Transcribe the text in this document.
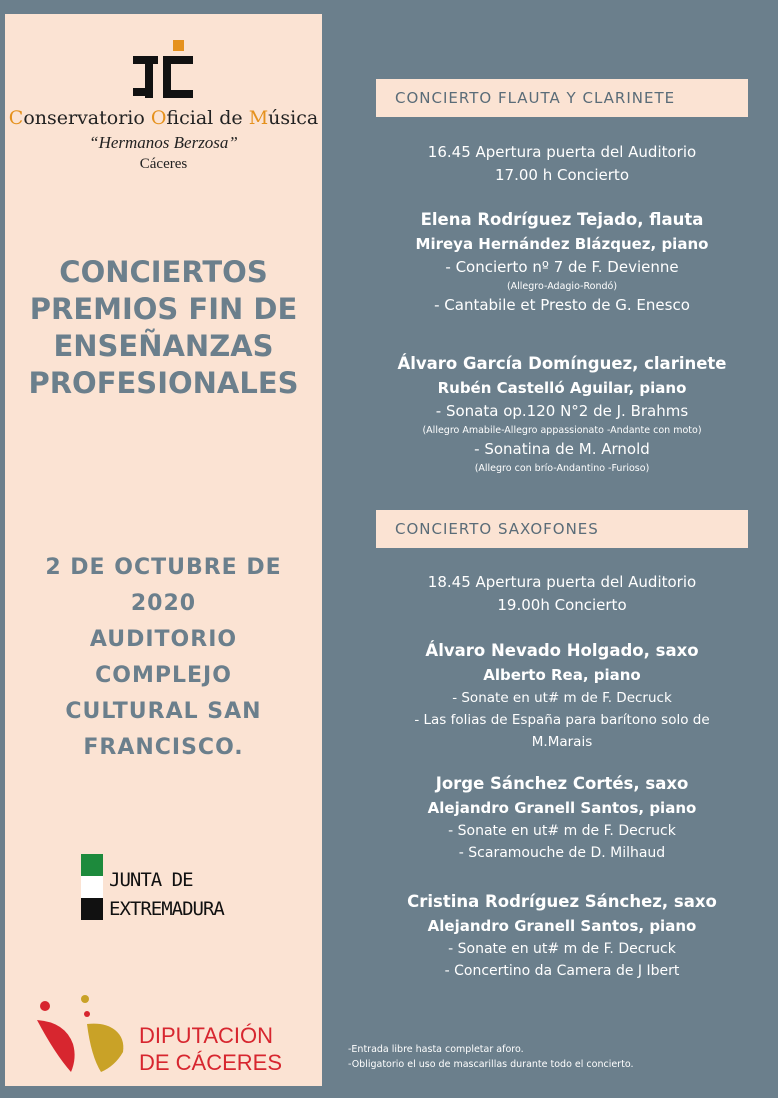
Conservatorio Oficial de Música
“Hermanos Berzosa”
Cáceres
CONCIERTOS
PREMIOS FIN DE
ENSEÑANZAS
PROFESIONALES
2 DE OCTUBRE DE
2020
AUDITORIO
COMPLEJO
CULTURAL SAN
FRANCISCO.
JUNTA DE
EXTREMADURA
DIPUTACIÓN
DE CÁCERES
CONCIERTO FLAUTA Y CLARINETE
16.45 Apertura puerta del Auditorio
17.00 h Concierto
Elena Rodríguez Tejado, flauta
Mireya Hernández Blázquez, piano
- Concierto nº 7 de F. Devienne
(Allegro-Adagio-Rondó)
- Cantabile et Presto de G. Enesco
Álvaro García Domínguez, clarinete
Rubén Castelló Aguilar, piano
- Sonata op.120 N°2 de J. Brahms
(Allegro Amabile-Allegro appassionato -Andante con moto)
- Sonatina de M. Arnold
(Allegro con brío-Andantino -Furioso)
CONCIERTO SAXOFONES
18.45 Apertura puerta del Auditorio
19.00h Concierto
Álvaro Nevado Holgado, saxo
Alberto Rea, piano
- Sonate en ut# m de F. Decruck
- Las folias de España para barítono solo de
M.Marais
Jorge Sánchez Cortés, saxo
Alejandro Granell Santos, piano
- Sonate en ut# m de F. Decruck
- Scaramouche de D. Milhaud
Cristina Rodríguez Sánchez, saxo
Alejandro Granell Santos, piano
- Sonate en ut# m de F. Decruck
- Concertino da Camera de J Ibert
-Entrada libre hasta completar aforo.
-Obligatorio el uso de mascarillas durante todo el concierto.
